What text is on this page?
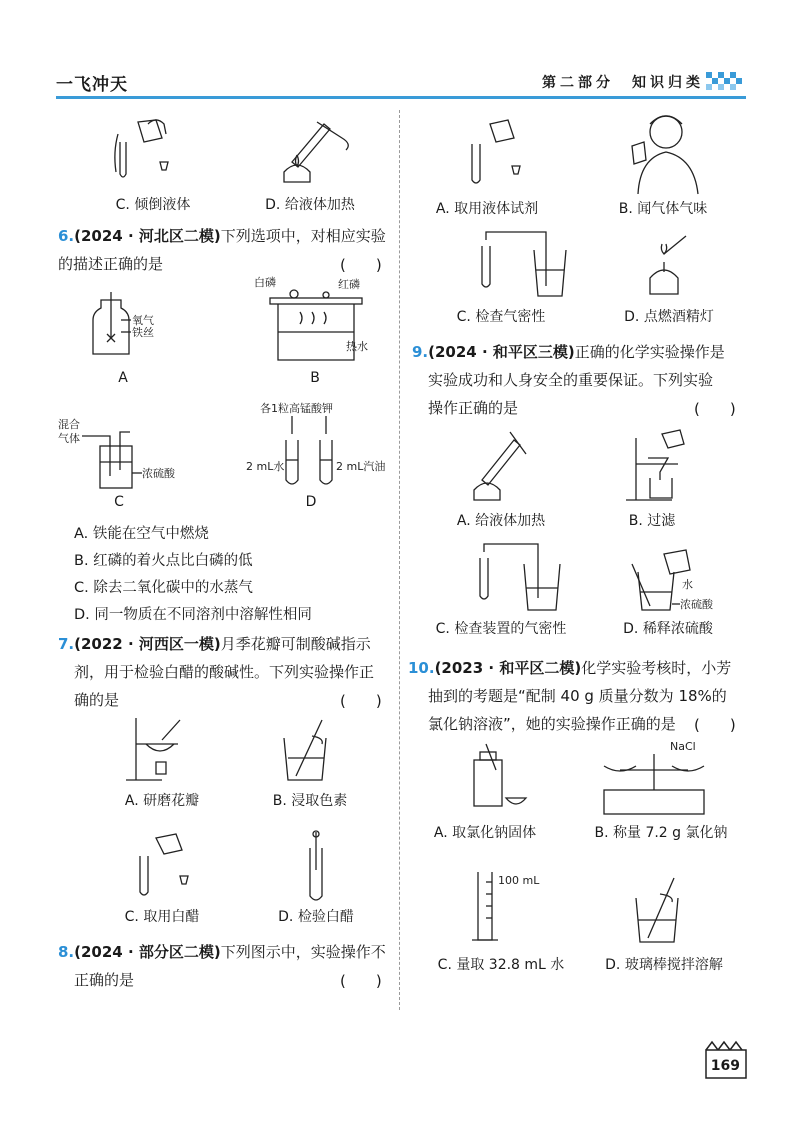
一飞冲天	第二部分　知识归类
C. 倾倒液体	D. 给液体加热
6.(2024 · 河北区二模)下列选项中，对相应实验
的描述正确的是	(　　)
氧气
铁丝
A
白磷	红磷
热水
B
混合
气体
浓硫酸
C
各1粒高锰酸钾
2 mL水	2 mL汽油
D
A. 铁能在空气中燃烧
B. 红磷的着火点比白磷的低
C. 除去二氧化碳中的水蒸气
D. 同一物质在不同溶剂中溶解性相同
7.(2022 · 河西区一模)月季花瓣可制酸碱指示
剂，用于检验白醋的酸碱性。下列实验操作正
确的是	(　　)
A. 研磨花瓣	B. 浸取色素
C. 取用白醋	D. 检验白醋
8.(2024 · 部分区二模)下列图示中，实验操作不
正确的是	(　　)
A. 取用液体试剂	B. 闻气体气味
C. 检查气密性	D. 点燃酒精灯
9.(2024 · 和平区三模)正确的化学实验操作是
实验成功和人身安全的重要保证。下列实验
操作正确的是	(　　)
A. 给液体加热	B. 过滤
C. 检查装置的气密性
水
浓硫酸
D. 稀释浓硫酸
10.(2023 · 和平区二模)化学实验考核时，小芳
抽到的考题是“配制 40 g 质量分数为 18%的
氯化钠溶液”，她的实验操作正确的是 (　　)
A. 取氯化钠固体
NaCl
B. 称量 7.2 g 氯化钠
100 mL
C. 量取 32.8 mL 水	D. 玻璃棒搅拌溶解
169
